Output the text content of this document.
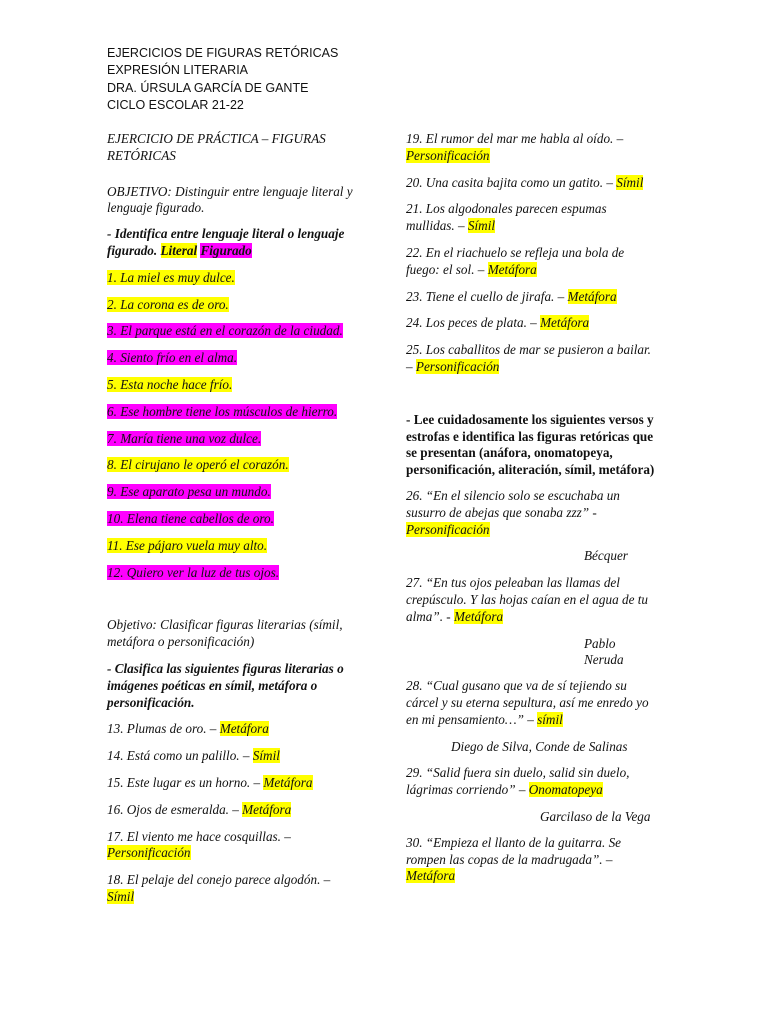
EJERCICIOS DE FIGURAS RETÓRICAS
EXPRESIÓN LITERARIA
DRA. ÚRSULA GARCÍA DE GANTE
CICLO ESCOLAR 21-22

EJERCICIO DE PRÁCTICA – FIGURAS RETÓRICAS

OBJETIVO: Distinguir entre lenguaje literal y lenguaje figurado.

- Identifica entre lenguaje literal o lenguaje figurado. Literal Figurado

1. La miel es muy dulce.

2. La corona es de oro.

3. El parque está en el corazón de la ciudad.

4. Siento frío en el alma.

5. Esta noche hace frío.

6. Ese hombre tiene los músculos de hierro.

7. María tiene una voz dulce.

8. El cirujano le operó el corazón.

9. Ese aparato pesa un mundo.

10. Elena tiene cabellos de oro.

11. Ese pájaro vuela muy alto.

12. Quiero ver la luz de tus ojos.

Objetivo: Clasificar figuras literarias (símil, metáfora o personificación)

- Clasifica las siguientes figuras literarias o imágenes poéticas en símil, metáfora o personificación.

13. Plumas de oro. – Metáfora

14. Está como un palillo. – Símil

15. Este lugar es un horno. – Metáfora

16. Ojos de esmeralda. – Metáfora

17. El viento me hace cosquillas. – Personificación

18. El pelaje del conejo parece algodón. – Símil

19. El rumor del mar me habla al oído. – Personificación

20. Una casita bajita como un gatito. – Símil

21. Los algodonales parecen espumas mullidas. – Símil

22. En el riachuelo se refleja una bola de fuego: el sol. – Metáfora

23. Tiene el cuello de jirafa. – Metáfora

24. Los peces de plata. – Metáfora

25. Los caballitos de mar se pusieron a bailar. – Personificación

- Lee cuidadosamente los siguientes versos y estrofas e identifica las figuras retóricas que se presentan (anáfora, onomatopeya, personificación, aliteración, símil, metáfora)

26. “En el silencio solo se escuchaba un susurro de abejas que sonaba zzz” - Personificación

Bécquer

27. “En tus ojos peleaban las llamas del crepúsculo. Y las hojas caían en el agua de tu alma”. - Metáfora

Pablo

Neruda

28. “Cual gusano que va de sí tejiendo su cárcel y su eterna sepultura, así me enredo yo en mi pensamiento…” – símil

Diego de Silva, Conde de Salinas

29. “Salid fuera sin duelo, salid sin duelo, lágrimas corriendo” – Onomatopeya

Garcilaso de la Vega

30. “Empieza el llanto de la guitarra. Se rompen las copas de la madrugada”. – Metáfora
